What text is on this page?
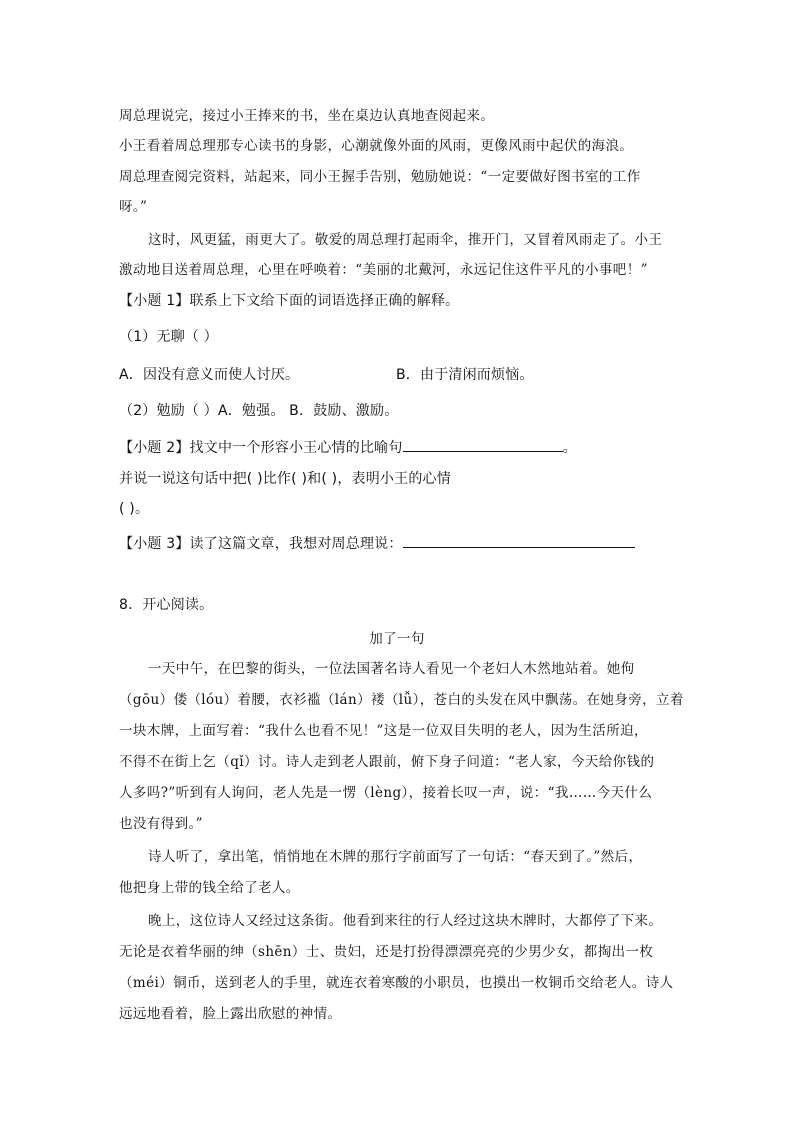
周总理说完，接过小王捧来的书，坐在桌边认真地查阅起来。
小王看着周总理那专心读书的身影，心潮就像外面的风雨，更像风雨中起伏的海浪。
周总理查阅完资料，站起来，同小王握手告别，勉励她说：“一定要做好图书室的工作
呀。”
这时，风更猛，雨更大了。敬爱的周总理打起雨伞，推开门，又冒着风雨走了。小王
激动地目送着周总理，心里在呼唤着：“美丽的北戴河，永远记住这件平凡的小事吧！”
【小题 1】联系上下文给下面的词语选择正确的解释。
（1）无聊（ ）
A．因没有意义而使人讨厌。	B．由于清闲而烦恼。
（2）勉励（ ）A．勉强。 B．鼓励、激励。
【小题 2】找文中一个形容小王心情的比喻句	。
并说一说这句话中把( )比作( )和( )，表明小王的心情
( )。
【小题 3】读了这篇文章，我想对周总理说：
8．开心阅读。
加了一句
一天中午，在巴黎的街头，一位法国著名诗人看见一个老妇人木然地站着。她佝
（gōu）偻（lóu）着腰，衣衫褴（lán）褛（lǚ），苍白的头发在风中飘荡。在她身旁，立着
一块木牌，上面写着：“我什么也看不见！”这是一位双目失明的老人，因为生活所迫，
不得不在街上乞（qǐ）讨。诗人走到老人跟前，俯下身子问道：“老人家，今天给你钱的
人多吗?”听到有人询问，老人先是一愣（lèng），接着长叹一声，说：“我……今天什么
也没有得到。”
诗人听了，拿出笔，悄悄地在木牌的那行字前面写了一句话：“春天到了。”然后，
他把身上带的钱全给了老人。
晚上，这位诗人又经过这条街。他看到来往的行人经过这块木牌时，大都停了下来。
无论是衣着华丽的绅（shēn）士、贵妇，还是打扮得漂漂亮亮的少男少女，都掏出一枚
（méi）铜币，送到老人的手里，就连衣着寒酸的小职员，也摸出一枚铜币交给老人。诗人
远远地看着，脸上露出欣慰的神情。
